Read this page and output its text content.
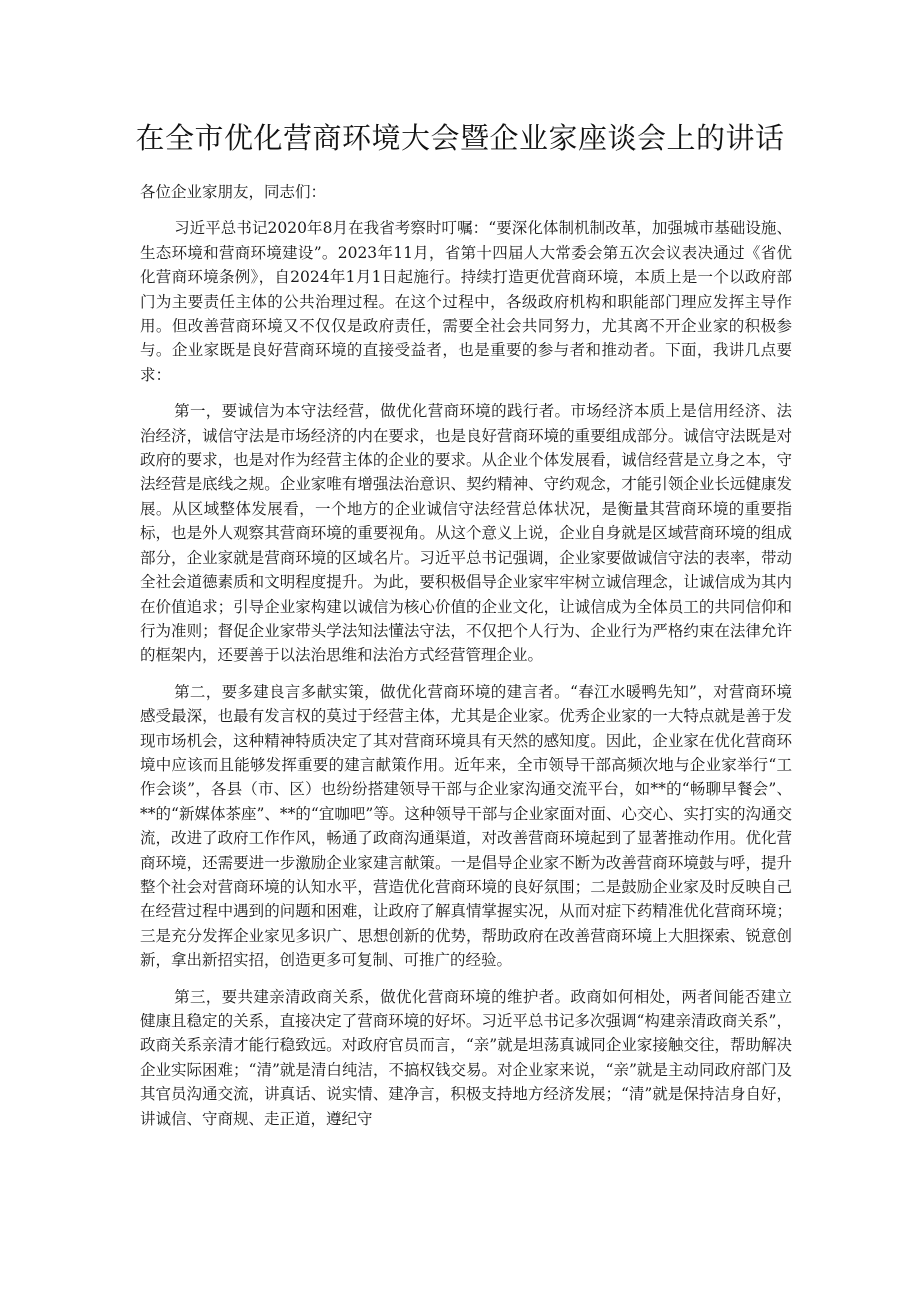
在全市优化营商环境大会暨企业家座谈会上的讲话

各位企业家朋友，同志们：

习近平总书记2020年8月在我省考察时叮嘱：“要深化体制机制改革，加强城市基础设施、生态环境和营商环境建设”。2023年11月，省第十四届人大常委会第五次会议表决通过《省优化营商环境条例》，自2024年1月1日起施行。持续打造更优营商环境，本质上是一个以政府部门为主要责任主体的公共治理过程。在这个过程中，各级政府机构和职能部门理应发挥主导作用。但改善营商环境又不仅仅是政府责任，需要全社会共同努力，尤其离不开企业家的积极参与。企业家既是良好营商环境的直接受益者，也是重要的参与者和推动者。下面，我讲几点要求：

第一，要诚信为本守法经营，做优化营商环境的践行者。市场经济本质上是信用经济、法治经济，诚信守法是市场经济的内在要求，也是良好营商环境的重要组成部分。诚信守法既是对政府的要求，也是对作为经营主体的企业的要求。从企业个体发展看，诚信经营是立身之本，守法经营是底线之规。企业家唯有增强法治意识、契约精神、守约观念，才能引领企业长远健康发展。从区域整体发展看，一个地方的企业诚信守法经营总体状况，是衡量其营商环境的重要指标，也是外人观察其营商环境的重要视角。从这个意义上说，企业自身就是区域营商环境的组成部分，企业家就是营商环境的区域名片。习近平总书记强调，企业家要做诚信守法的表率，带动全社会道德素质和文明程度提升。为此，要积极倡导企业家牢牢树立诚信理念，让诚信成为其内在价值追求；引导企业家构建以诚信为核心价值的企业文化，让诚信成为全体员工的共同信仰和行为准则；督促企业家带头学法知法懂法守法，不仅把个人行为、企业行为严格约束在法律允许的框架内，还要善于以法治思维和法治方式经营管理企业。

第二，要多建良言多献实策，做优化营商环境的建言者。“春江水暖鸭先知”，对营商环境感受最深，也最有发言权的莫过于经营主体，尤其是企业家。优秀企业家的一大特点就是善于发现市场机会，这种精神特质决定了其对营商环境具有天然的感知度。因此，企业家在优化营商环境中应该而且能够发挥重要的建言献策作用。近年来，全市领导干部高频次地与企业家举行“工作会谈”，各县（市、区）也纷纷搭建领导干部与企业家沟通交流平台，如**的“畅聊早餐会”、**的“新媒体茶座”、**的“宜咖吧”等。这种领导干部与企业家面对面、心交心、实打实的沟通交流，改进了政府工作作风，畅通了政商沟通渠道，对改善营商环境起到了显著推动作用。优化营商环境，还需要进一步激励企业家建言献策。一是倡导企业家不断为改善营商环境鼓与呼，提升整个社会对营商环境的认知水平，营造优化营商环境的良好氛围；二是鼓励企业家及时反映自己在经营过程中遇到的问题和困难，让政府了解真情掌握实况，从而对症下药精准优化营商环境；三是充分发挥企业家见多识广、思想创新的优势，帮助政府在改善营商环境上大胆探索、锐意创新，拿出新招实招，创造更多可复制、可推广的经验。

第三，要共建亲清政商关系，做优化营商环境的维护者。政商如何相处，两者间能否建立健康且稳定的关系，直接决定了营商环境的好坏。习近平总书记多次强调“构建亲清政商关系”，政商关系亲清才能行稳致远。对政府官员而言，“亲”就是坦荡真诚同企业家接触交往，帮助解决企业实际困难；“清”就是清白纯洁，不搞权钱交易。对企业家来说，“亲”就是主动同政府部门及其官员沟通交流，讲真话、说实情、建净言，积极支持地方经济发展；“清”就是保持洁身自好，讲诚信、守商规、走正道，遵纪守
